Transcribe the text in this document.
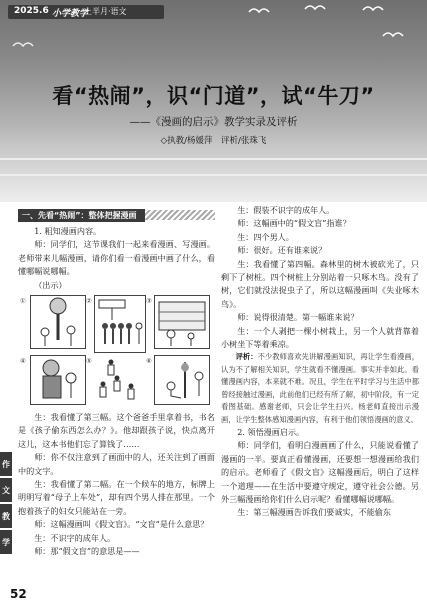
2025.6 小学教学
上半月·语文
看“热闹”，识“门道”，试“牛刀”
——《漫画的启示》教学实录及评析
◇执教/杨媛萍　评析/张珠飞
一、先看“热闹”：整体把握漫画

1. 粗知漫画内容。

师：同学们，这节课我们一起来看漫画、写漫画。老师带来儿幅漫画，请你们看一看漫画中画了什么，看懂哪幅说哪幅。

（出示）

①	②	③
④	⑤	⑥

生：我看懂了第三幅。这个爸爸手里拿着书，书名是《孩子偷东西怎么办？》。他却跟孩子说，快点离开这儿，这本书他们忘了算钱了……

师：你不仅注意到了画面中的人，还关注到了画面中的文字。

生：我看懂了第二幅。在一个候车的地方，标牌上明明写着“母子上车处”，却有四个男人排在那里。一个抱着孩子的妇女只能站在一旁。

师：这幅漫画叫《假文盲》。“文盲”是什么意思？

生：不识字的成年人。

师：那“假文盲”的意思是——

生：假装不识字的成年人。

师：这幅画中的“假文盲”指谁？

生：四个男人。

师：很好。还有谁来说？

生：我看懂了第四幅。森林里的树木被砍光了，只剩下了树桩。四个树桩上分别站着一只啄木鸟。没有了树，它们就没法捉虫子了，所以这幅漫画叫《失业啄木鸟》。

师：说得很清楚。第一幅谁来说？

生：一个人剥把一棵小树栽上，另一个人就背靠着小树坐下等着乘凉。

评析：不少教师喜欢先讲解漫画知识，再让学生看漫画，认为不了解相关知识，学生就看不懂漫画。事实并非如此。看懂漫画内容，本来就不难。况且，学生在平时学习与生活中都曾经接触过漫画，此前他们已经有所了解，初中阶段，有一定看图基础。感谢老师，只会让学生扫兴。杨老师直接出示漫画，让学生整体感知漫画内容，有利于他们领悟漫画的意义。

2. 领悟漫画启示。

师：同学们，看明白漫画画了什么，只能说看懂了漫画的一半。要真正看懂漫画，还要想一想漫画给我们的启示。老师看了《假文盲》这幅漫画后，明白了这样一个道理——在生活中要遵守规定，遵守社会公德。另外三幅漫画给你们什么启示呢？看懂哪幅说哪幅。

生：第三幅漫画告诉我们要诚实，不能偷东

作
文
教
学
52
